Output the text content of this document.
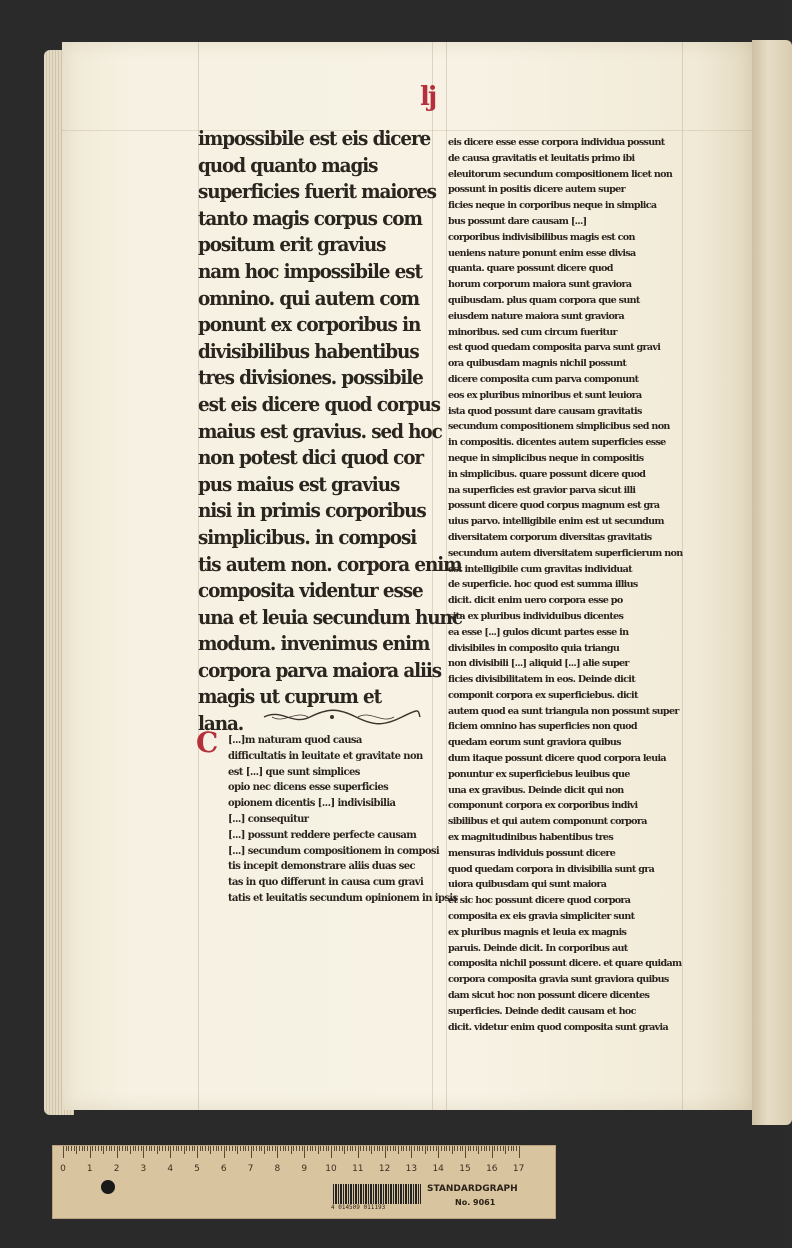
lj
impossibile est eis dicere
quod quanto magis
superficies fuerit maiores
tanto magis corpus com
positum erit gravius
nam hoc impossibile est
omnino. qui autem com
ponunt ex corporibus in
divisibilibus habentibus
tres divisiones. possibile
est eis dicere quod corpus
maius est gravius. sed hoc
non potest dici quod cor
pus maius est gravius
nisi in primis corporibus
simplicibus. in composi
tis autem non. corpora enim
composita videntur esse
una et leuia secundum hunc
modum. invenimus enim
corpora parva maiora aliis
magis ut cuprum et
lana.
C [...]m naturam quod causa
difficultatis in leuitate et gravitate non
est [...] que sunt simplices
opio nec dicens esse superficies
opionem dicentis [...] indivisibilia
[...] consequitur
[...] possunt reddere perfecte causam
[...] secundum compositionem in composi
tis incepit demonstrare aliis duas sec
tas in quo differunt in causa cum gravi
tatis et leuitatis secundum opinionem in ipsis
eis dicere esse esse corpora individua possunt
de causa gravitatis et leuitatis primo ibi
eleuitorum secundum compositionem licet non
possunt in positis dicere autem super
ficies neque in corporibus neque in simplica
bus possunt dare causam [...]
corporibus indivisibilibus magis est con
ueniens nature ponunt enim esse divisa
quanta. quare possunt dicere quod
horum corporum maiora sunt graviora
quibusdam. plus quam corpora que sunt
eiusdem nature maiora sunt graviora
minoribus. sed cum circum fueritur
est quod quedam composita parva sunt gravi
ora quibusdam magnis nichil possunt
dicere composita cum parva componunt
eos ex pluribus minoribus et sunt leuiora
ista quod possunt dare causam gravitatis
secundum compositionem simplicibus sed non
in compositis. dicentes autem superficies esse
neque in simplicibus neque in compositis
in simplicibus. quare possunt dicere quod
na superficies est gravior parva sicut illi
possunt dicere quod corpus magnum est gra
uius parvo. intelligibile enim est ut secundum
diversitatem corporum diversitas gravitatis
secundum autem diversitatem superficierum non
est intelligibile cum gravitas individuat
de superficie. hoc quod est summa illius
dicit. dicit enim uero corpora esse po
sita ex pluribus individuibus dicentes
ea esse [...] gulos dicunt partes esse in
divisibiles in composito quia triangu
non divisibili [...] aliquid [...] alie super
ficies divisibilitatem in eos. Deinde dicit
componit corpora ex superficiebus. dicit
autem quod ea sunt triangula non possunt super
ficiem omnino has superficies non quod
quedam eorum sunt graviora quibus
dum itaque possunt dicere quod corpora leuia
ponuntur ex superficiebus leuibus que
una ex gravibus. Deinde dicit qui non
componunt corpora ex corporibus indivi
sibilibus et qui autem componunt corpora
ex magnitudinibus habentibus tres
mensuras individuis possunt dicere
quod quedam corpora in divisibilia sunt gra
uiora quibusdam qui sunt maiora
et sic hoc possunt dicere quod corpora
composita ex eis gravia simpliciter sunt
ex pluribus magnis et leuia ex magnis
paruis. Deinde dicit. In corporibus aut
composita nichil possunt dicere. et quare quidam
corpora composita gravia sunt graviora quibus
dam sicut hoc non possunt dicere dicentes
superficies. Deinde dedit causam et hoc
dicit. videtur enim quod composita sunt gravia
0 1 2 3 4 5 6 7 8 9 10 11 12 13 14 15 16 17
4 014509 011193
STANDARDGRAPH
No. 9061
